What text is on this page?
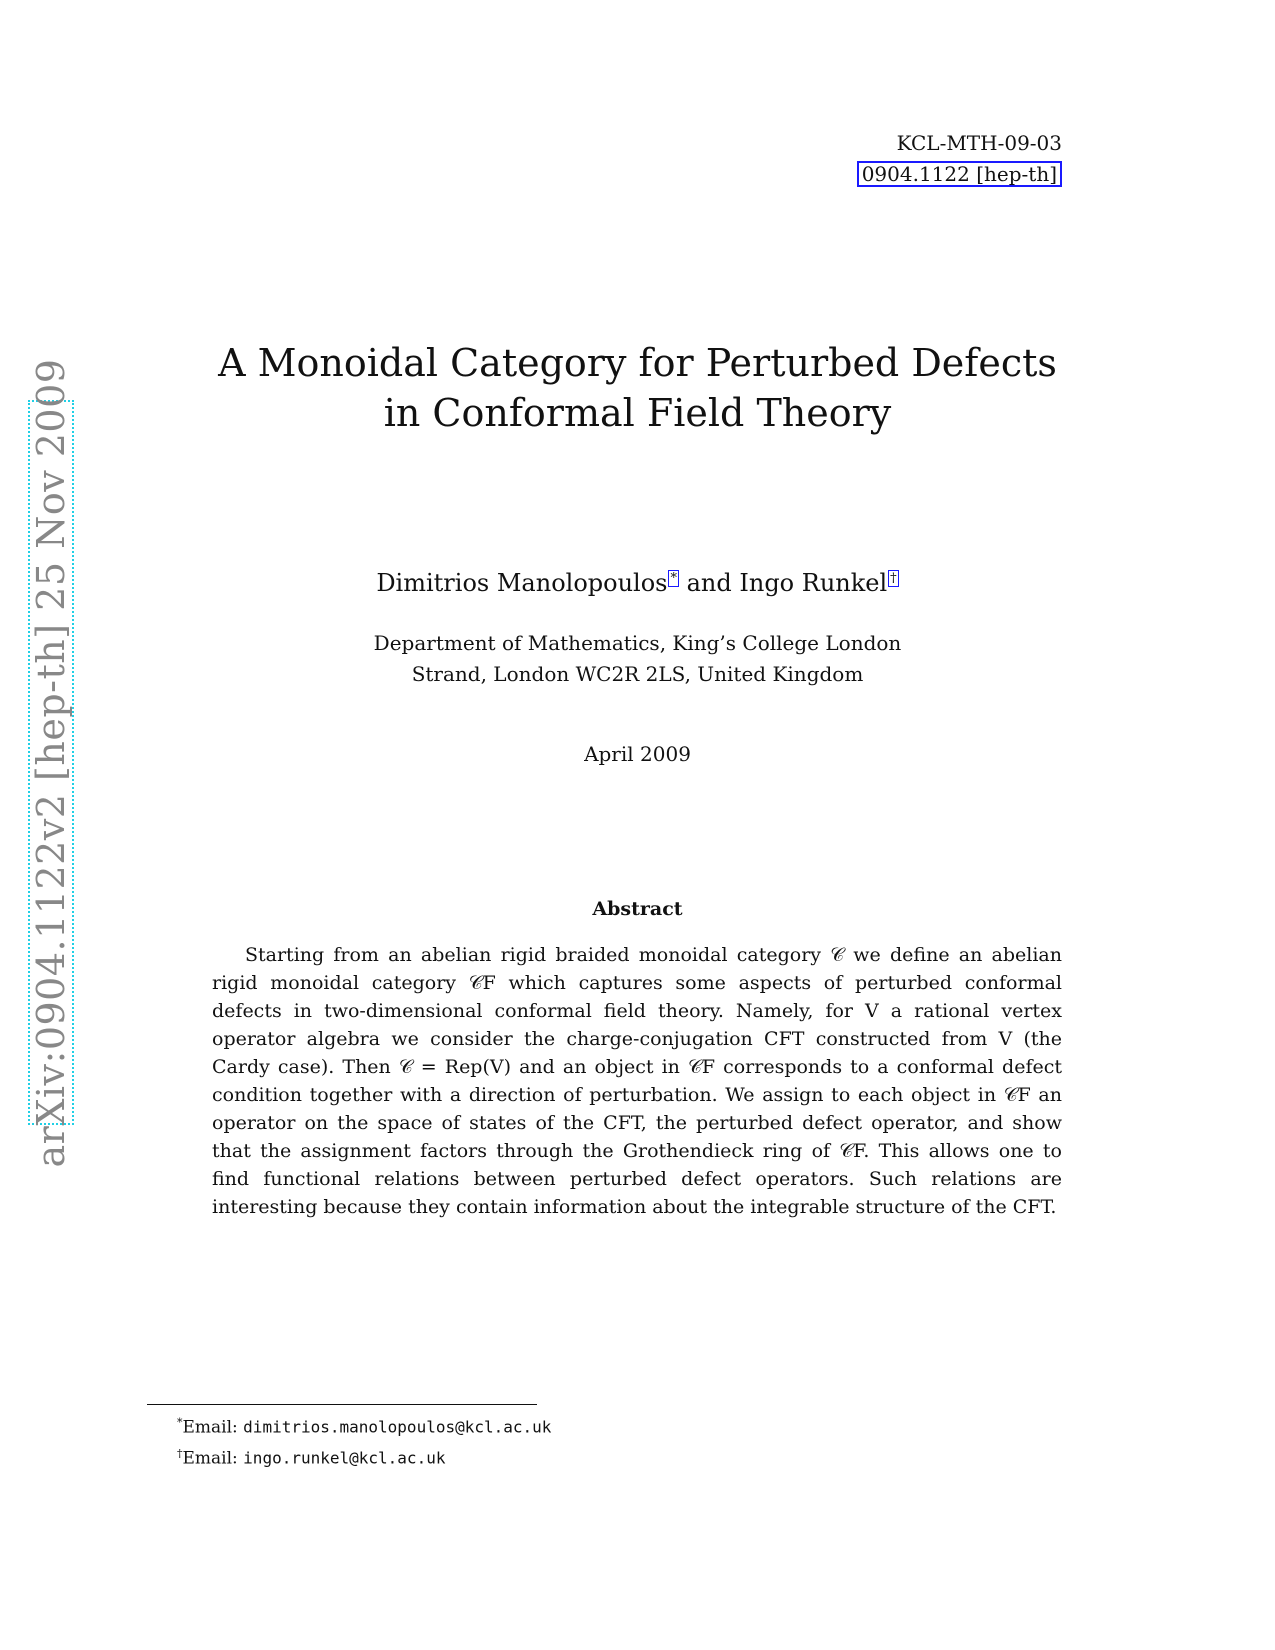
KCL-MTH-09-03
0904.1122 [hep-th]
arXiv:0904.1122v2 [hep-th] 25 Nov 2009	A Monoidal Category for Perturbed Defects
in Conformal Field Theory
Dimitrios Manolopoulos * and Ingo Runkel †
Department of Mathematics, King’s College London
Strand, London WC2R 2LS, United Kingdom
April 2009
Abstract

Starting from an abelian rigid braided monoidal category 𝒞 we define an abelian rigid monoidal category 𝒞F which captures some aspects of perturbed conformal defects in two-dimensional conformal field theory. Namely, for V a rational vertex operator algebra we consider the charge-conjugation CFT constructed from V (the Cardy case). Then 𝒞 = Rep(V) and an object in 𝒞F corresponds to a conformal defect condition together with a direction of perturbation. We assign to each object in 𝒞F an operator on the space of states of the CFT, the perturbed defect operator, and show that the assignment factors through the Grothendieck ring of 𝒞F. This allows one to find functional relations between perturbed defect operators. Such relations are interesting because they contain information about the integrable structure of the CFT.

*Email: dimitrios.manolopoulos@kcl.ac.uk
†Email: ingo.runkel@kcl.ac.uk
